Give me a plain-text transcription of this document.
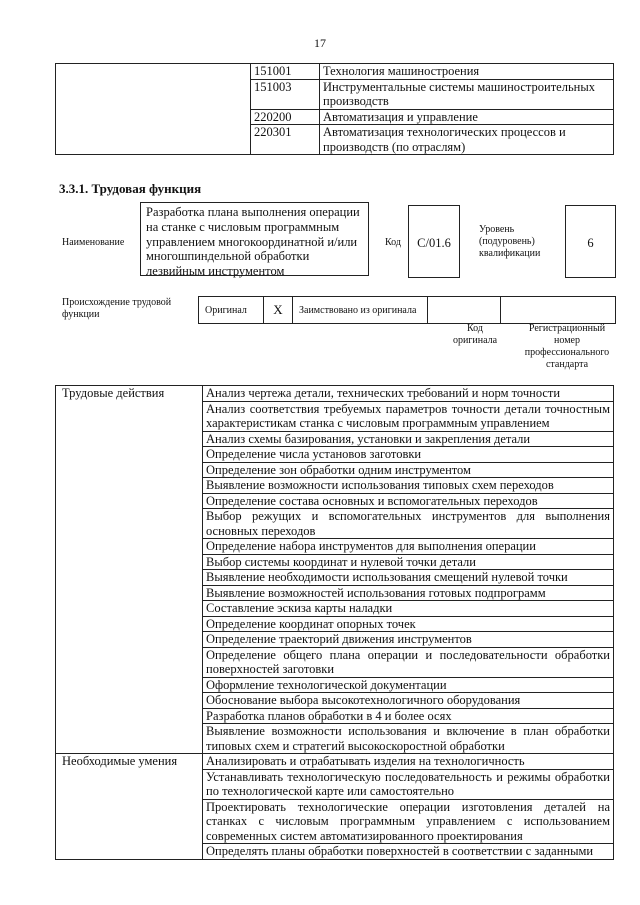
17
	151001	Технология машиностроения
	151003	Инструментальные системы машиностроительных производств
	220200	Автоматизация и управление
	220301	Автоматизация технологических процессов и производств (по отраслям)
3.3.1. Трудовая функция
Наименование
Разработка плана выполнения операции на станке с числовым программным управлением многокоординатной и/или многошпиндельной обработки лезвийным инструментом
Код	С/01.6
Уровень (подуровень) квалификации
6
Происхождение трудовой функции	Оригинал	X	Заимствовано из оригинала		
Код оригинала
Регистрационный номер профессионального стандарта
Трудовые действия	Анализ чертежа детали, технических требований и норм точности
	Анализ соответствия требуемых параметров точности детали точностным характеристикам станка с числовым программным управлением
	Анализ схемы базирования, установки и закрепления детали
	Определение числа установов заготовки
	Определение зон обработки одним инструментом
	Выявление возможности использования типовых схем переходов
	Определение состава основных и вспомогательных переходов
	Выбор режущих и вспомогательных инструментов для выполнения основных переходов
	Определение набора инструментов для выполнения операции
	Выбор системы координат и нулевой точки детали
	Выявление необходимости использования смещений нулевой точки
	Выявление возможностей использования готовых подпрограмм
	Составление эскиза карты наладки
	Определение координат опорных точек
	Определение траекторий движения инструментов
	Определение общего плана операции и последовательности обработки поверхностей заготовки
	Оформление технологической документации
	Обоснование выбора высокотехнологичного оборудования
	Разработка планов обработки в 4 и более осях
	Выявление возможности использования и включение в план обработки типовых схем и стратегий высокоскоростной обработки
Необходимые умения	Анализировать и отрабатывать изделия на технологичность
	Устанавливать технологическую последовательность и режимы обработки по технологической карте или самостоятельно
	Проектировать технологические операции изготовления деталей на станках с числовым программным управлением с использованием современных систем автоматизированного проектирования
	Определять планы обработки поверхностей в соответствии с заданными
